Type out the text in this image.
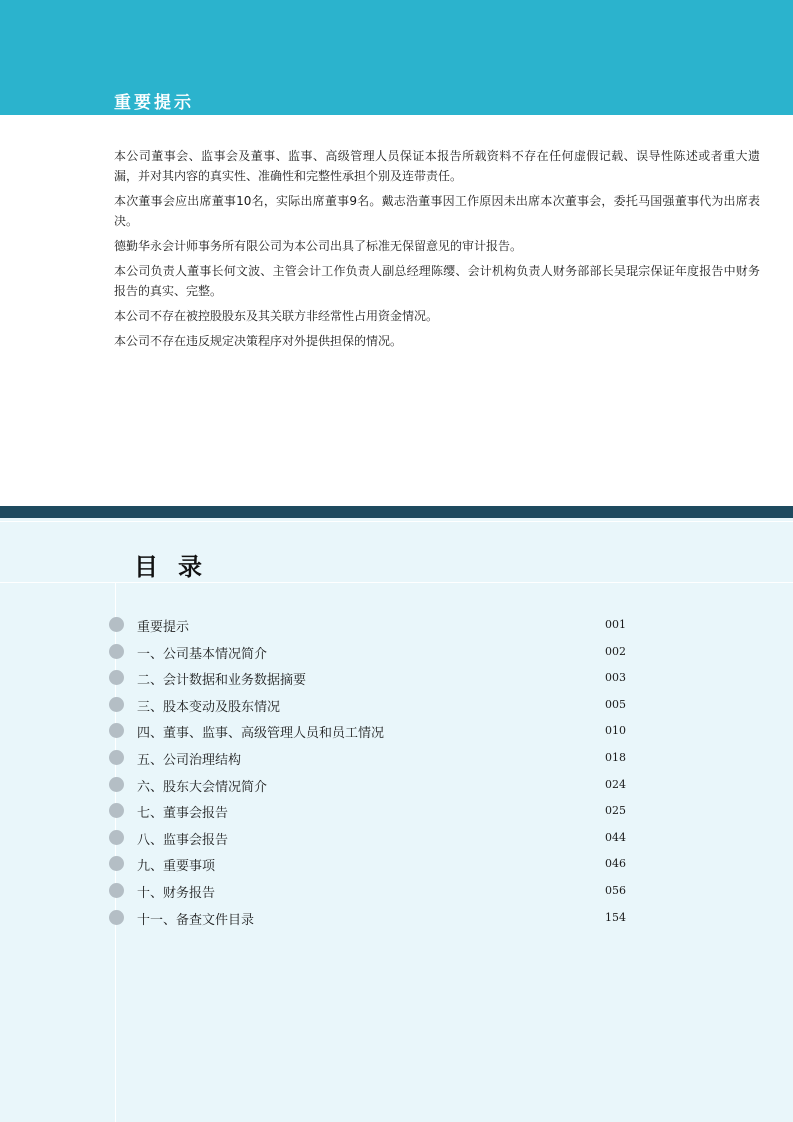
重要提示

本公司董事会、监事会及董事、监事、高级管理人员保证本报告所载资料不存在任何虚假记载、误导性陈述或者重大遗漏，并对其内容的真实性、准确性和完整性承担个别及连带责任。

本次董事会应出席董事10名，实际出席董事9名。戴志浩董事因工作原因未出席本次董事会，委托马国强董事代为出席表决。

德勤华永会计师事务所有限公司为本公司出具了标准无保留意见的审计报告。

本公司负责人董事长何文波、主管会计工作负责人副总经理陈缨、会计机构负责人财务部部长吴琨宗保证年度报告中财务报告的真实、完整。

本公司不存在被控股股东及其关联方非经常性占用资金情况。

本公司不存在违反规定决策程序对外提供担保的情况。

目录
重要提示	001
一、公司基本情况简介	002
二、会计数据和业务数据摘要	003
三、股本变动及股东情况	005
四、董事、监事、高级管理人员和员工情况	010
五、公司治理结构	018
六、股东大会情况简介	024
七、董事会报告	025
八、监事会报告	044
九、重要事项	046
十、财务报告	056
十一、备查文件目录	154
